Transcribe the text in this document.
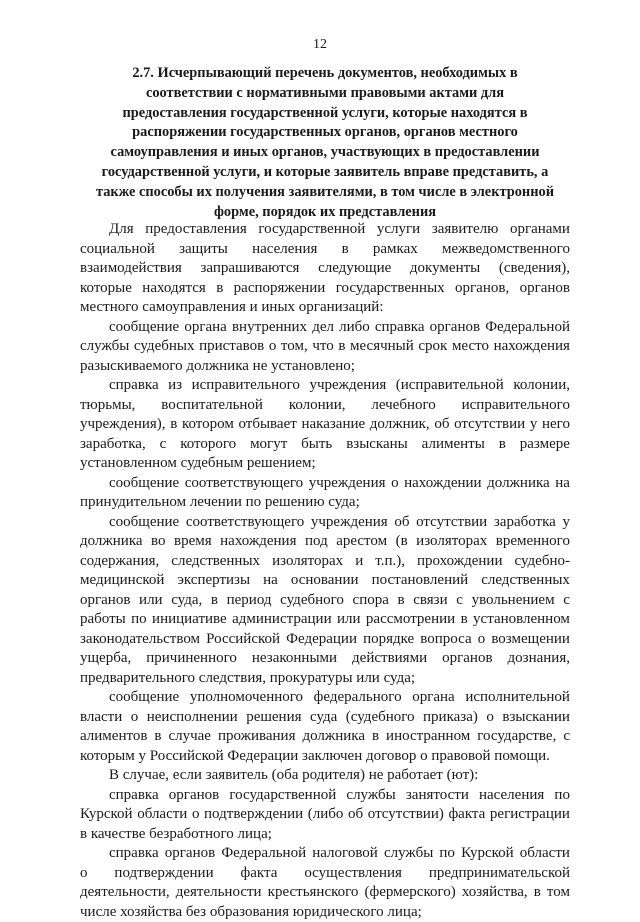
12
2.7. Исчерпывающий перечень документов, необходимых в
соответствии с нормативными правовыми актами для
предоставления государственной услуги, которые находятся в
распоряжении государственных органов, органов местного
самоуправления и иных органов, участвующих в предоставлении
государственной услуги, и которые заявитель вправе представить, а
также способы их получения заявителями, в том числе в электронной
форме, порядок их представления
Для предоставления государственной услуги заявителю органами
социальной защиты населения в рамках межведомственного
взаимодействия запрашиваются следующие документы (сведения),
которые находятся в распоряжении государственных органов, органов
местного самоуправления и иных организаций:
сообщение органа внутренних дел либо справка органов Федеральной
службы судебных приставов о том, что в месячный срок место нахождения
разыскиваемого должника не установлено;
справка из исправительного учреждения (исправительной колонии,
тюрьмы, воспитательной колонии, лечебного исправительного
учреждения), в котором отбывает наказание должник, об отсутствии у него
заработка, с которого могут быть взысканы алименты в размере
установленном судебным решением;
сообщение соответствующего учреждения о нахождении должника на
принудительном лечении по решению суда;
сообщение соответствующего учреждения об отсутствии заработка у
должника во время нахождения под арестом (в изоляторах временного
содержания, следственных изоляторах и т.п.), прохождении судебно-
медицинской экспертизы на основании постановлений следственных
органов или суда, в период судебного спора в связи с увольнением с
работы по инициативе администрации или рассмотрении в установленном
законодательством Российской Федерации порядке вопроса о возмещении
ущерба, причиненного незаконными действиями органов дознания,
предварительного следствия, прокуратуры или суда;
сообщение уполномоченного федерального органа исполнительной
власти о неисполнении решения суда (судебного приказа) о взыскании
алиментов в случае проживания должника в иностранном государстве, с
которым у Российской Федерации заключен договор о правовой помощи.
В случае, если заявитель (оба родителя) не работает (ют):
справка органов государственной службы занятости населения по
Курской области о подтверждении (либо об отсутствии) факта регистрации
в качестве безработного лица;
справка органов Федеральной налоговой службы по Курской области
о подтверждении факта осуществления предпринимательской
деятельности, деятельности крестьянского (фермерского) хозяйства, в том
числе хозяйства без образования юридического лица;
